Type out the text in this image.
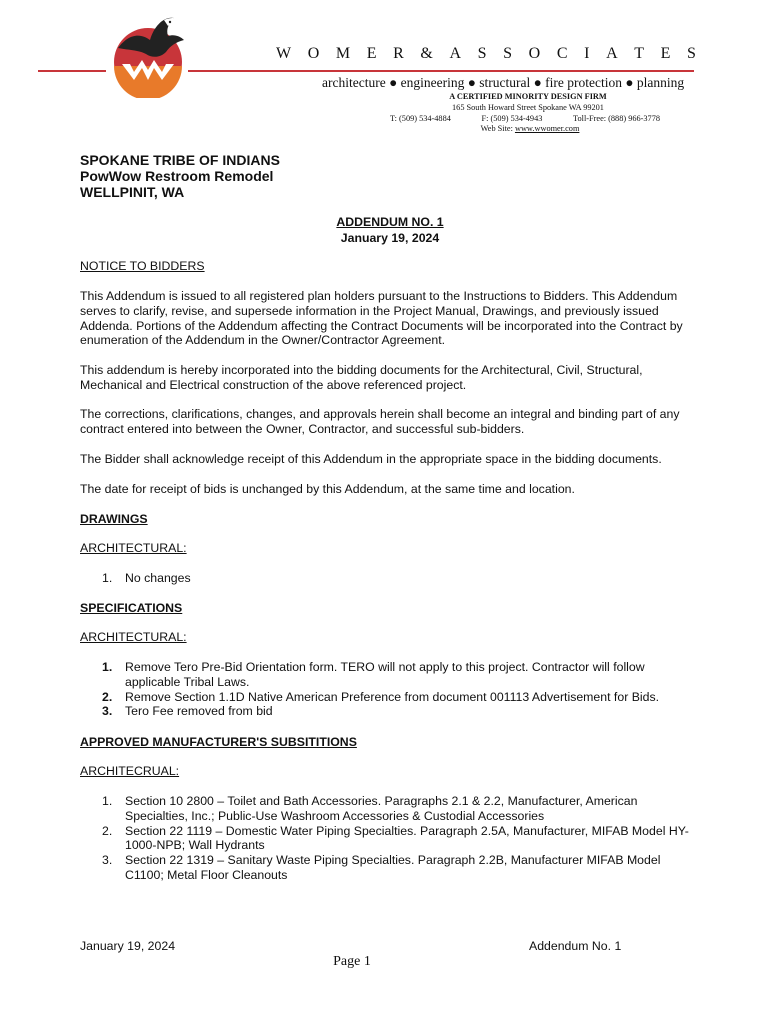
W O M E R & A S S O C I A T E S
architecture ● engineering ● structural ● fire protection ● planning
A CERTIFIED MINORITY DESIGN FIRM
165 South Howard Street Spokane WA 99201
T: (509) 534-4884	F: (509) 534-4943	Toll-Free: (888) 966-3778
Web Site: www.wwomer.com
SPOKANE TRIBE OF INDIANS
PowWow Restroom Remodel
WELLPINIT, WA
ADDENDUM NO. 1
January 19, 2024
NOTICE TO BIDDERS
This Addendum is issued to all registered plan holders pursuant to the Instructions to Bidders. This Addendum serves to clarify, revise, and supersede information in the Project Manual, Drawings, and previously issued Addenda. Portions of the Addendum affecting the Contract Documents will be incorporated into the Contract by enumeration of the Addendum in the Owner/Contractor Agreement.
This addendum is hereby incorporated into the bidding documents for the Architectural, Civil, Structural, Mechanical and Electrical construction of the above referenced project.
The corrections, clarifications, changes, and approvals herein shall become an integral and binding part of any contract entered into between the Owner, Contractor, and successful sub-bidders.
The Bidder shall acknowledge receipt of this Addendum in the appropriate space in the bidding documents.
The date for receipt of bids is unchanged by this Addendum, at the same time and location.
DRAWINGS
ARCHITECTURAL:
1. No changes
SPECIFICATIONS
ARCHITECTURAL:
1. Remove Tero Pre-Bid Orientation form. TERO will not apply to this project. Contractor will follow applicable Tribal Laws.
2. Remove Section 1.1D Native American Preference from document 001113 Advertisement for Bids.
3. Tero Fee removed from bid
APPROVED MANUFACTURER'S SUBSITITIONS
ARCHITECRUAL:
1. Section 10 2800 – Toilet and Bath Accessories. Paragraphs 2.1 & 2.2, Manufacturer, American Specialties, Inc.; Public-Use Washroom Accessories & Custodial Accessories
2. Section 22 1119 – Domestic Water Piping Specialties. Paragraph 2.5A, Manufacturer, MIFAB Model HY-1000-NPB; Wall Hydrants
3. Section 22 1319 – Sanitary Waste Piping Specialties. Paragraph 2.2B, Manufacturer MIFAB Model C1100; Metal Floor Cleanouts
January 19, 2024	Addendum No. 1
Page 1
